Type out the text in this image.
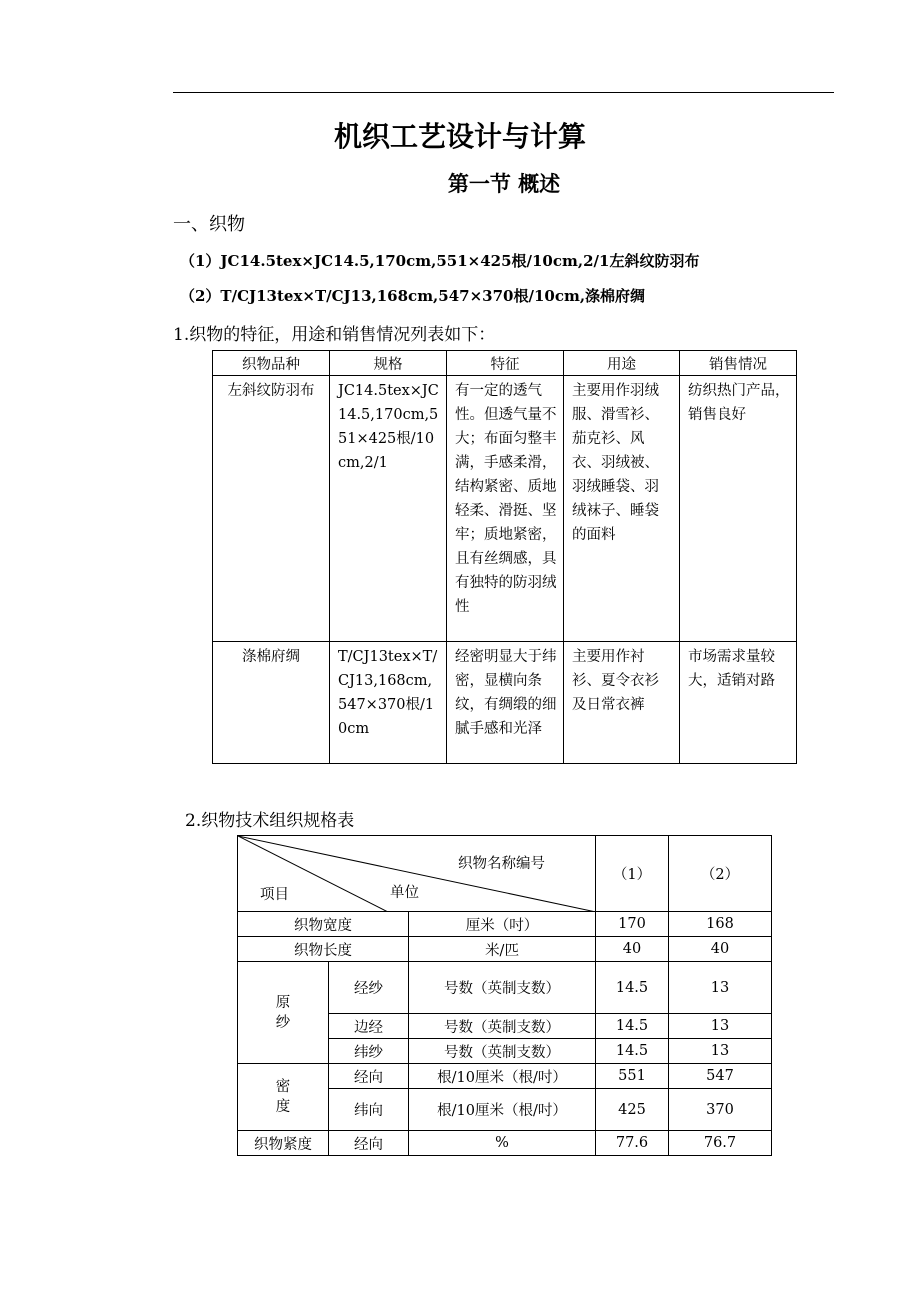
机织工艺设计与计算
第一节 概述

一、织物

（1）JC14.5tex×JC14.5,170cm,551×425根/10cm,2/1左斜纹防羽布

（2）T/CJ13tex×T/CJ13,168cm,547×370根/10cm,涤棉府绸

1.织物的特征，用途和销售情况列表如下：

织物品种	规格	特征	用途	销售情况
左斜纹防羽布	JC14.5tex×JC14.5,170cm,551×425根/10cm,2/1	有一定的透气性。但透气量不大；布面匀整丰满，手感柔滑，结构紧密、质地轻柔、滑挺、坚牢；质地紧密，且有丝绸感，具有独特的防羽绒性	主要用作羽绒服、滑雪衫、茄克衫、风衣、羽绒被、羽绒睡袋、羽绒袜子、睡袋的面料	纺织热门产品，销售良好
涤棉府绸	T/CJ13tex×T/CJ13,168cm,547×370根/10cm	经密明显大于纬密，显横向条纹，有绸缎的细腻手感和光泽	主要用作衬衫、夏令衣衫及日常衣裤	市场需求量较大，适销对路

2.织物技术组织规格表

织物名称编号
单位
项目			（1）	（2）
织物宽度		厘米（吋）	170	168
织物长度		米/匹	40	40

原纱	经纱	号数（英制支数）	14.5	13
	边经	号数（英制支数）	14.5	13
	纬纱	号数（英制支数）	14.5	13

密度	经向	根/10厘米（根/吋）	551	547
	纬向	根/10厘米（根/吋）	425	370
织物紧度	经向	%	77.6	76.7
